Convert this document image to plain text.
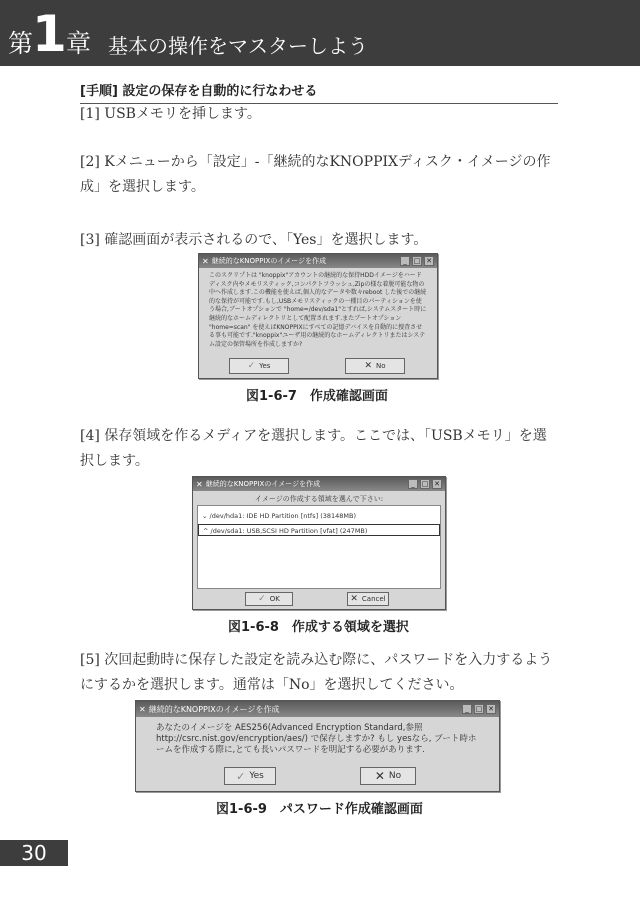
第
1 章 基本の操作をマスターしよう
[手順] 設定の保存を自動的に行なわせる
[1] USBメモリを挿します。
[2] Kメニューから「設定」-「継続的なKNOPPIXディスク・イメージの作成」を選択します。
[3] 確認画面が表示されるので、「Yes」を選択します。
✕ 継続的なKNOPPIXのイメージを作成	_ □ ✕
このスクリプトは "knoppix"アカウントの継続的な保持HDDイメージをハードディスク内やメモリスティック,コンパクトフラッシュ,Zipの様な着脱可能な物の中へ作成します.この機能を使えば,個人的なデータや数々reboot した後での継続的な保持が可能です.もし,USBメモリスティックの一種目のパーティションを使う場合,ブートオプションで "home=/dev/sda1"とすれば,システムスタート時に継続的なホームディレクトリとして配置されます.またブートオプション "home=scan" を使えばKNOPPIXにすべての記憶デバイスを自動的に捜査させる事も可能です."knoppix"ユーザ用の継続的なホームディレクトリまたはシステム設定の保管場所を作成しますか?
✓ Yes	✕ No
図1-6-7　作成確認画面
[4] 保存領域を作るメディアを選択します。ここでは、「USBメモリ」を選択します。
✕ 継続的なKNOPPIXのイメージを作成	_ □ ✕
イメージの作成する領域を選んで下さい:
⌄ /dev/hda1: IDE HD Partition [ntfs] (38148MB)
^ /dev/sda1: USB,SCSI HD Partition [vfat] (247MB)
✓ OK	✕ Cancel
図1-6-8　作成する領域を選択
[5] 次回起動時に保存した設定を読み込む際に、パスワードを入力するようにするかを選択します。通常は「No」を選択してください。
✕ 継続的なKNOPPIXのイメージを作成	_ □ ✕
あなたのイメージを AES256(Advanced Encryption Standard,参照 http://csrc.nist.gov/encryption/aes/) で保存しますか? もし yesなら, ブート時ホームを作成する際に,とても長いパスワードを明記する必要があります.
✓ Yes	✕ No
図1-6-9　パスワード作成確認画面
30
